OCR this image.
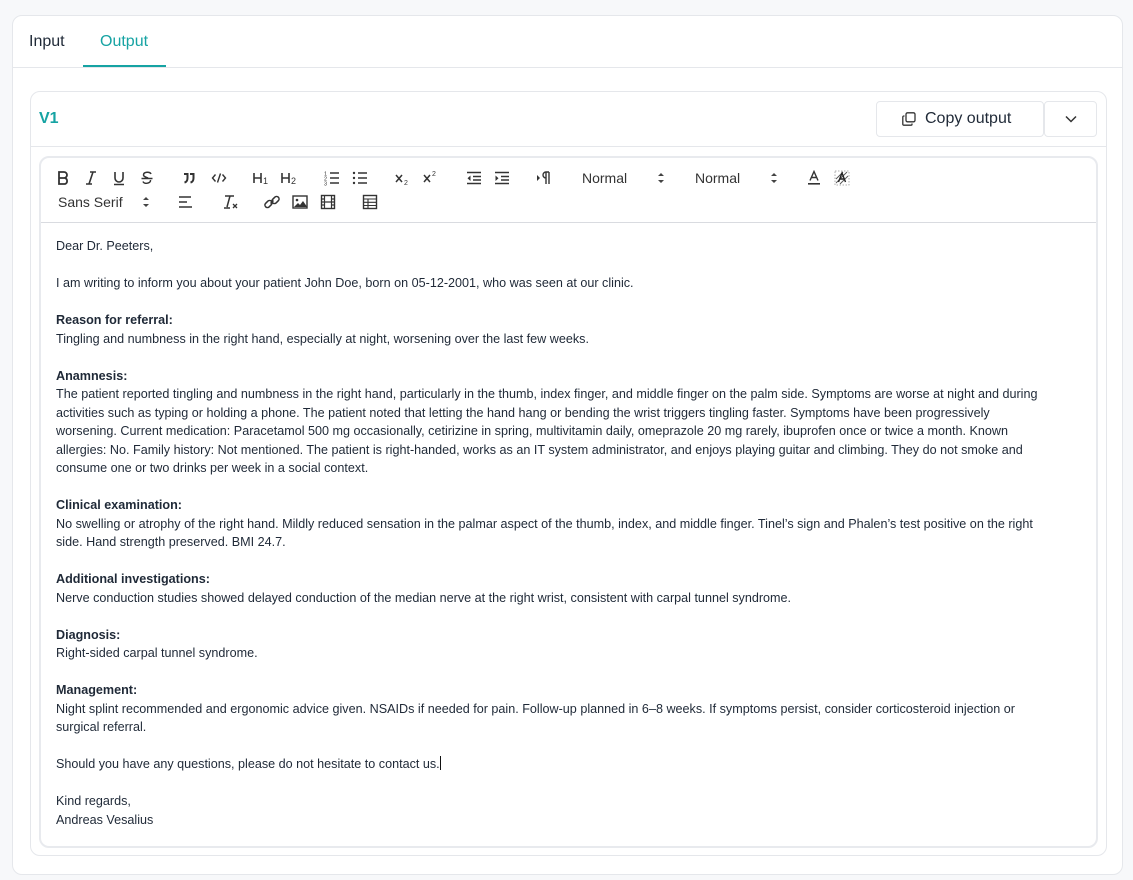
Input Output
V1	Copy output
1	2
1
2
3	2
2	Normal	Normal
Sans Serif

Dear Dr. Peeters,

I am writing to inform you about your patient John Doe, born on 05-12-2001, who was seen at our clinic.

Reason for referral:

Tingling and numbness in the right hand, especially at night, worsening over the last few weeks.

Anamnesis:

The patient reported tingling and numbness in the right hand, particularly in the thumb, index finger, and middle finger on the palm side. Symptoms are worse at night and during

activities such as typing or holding a phone. The patient noted that letting the hand hang or bending the wrist triggers tingling faster. Symptoms have been progressively

worsening. Current medication: Paracetamol 500 mg occasionally, cetirizine in spring, multivitamin daily, omeprazole 20 mg rarely, ibuprofen once or twice a month. Known

allergies: No. Family history: Not mentioned. The patient is right-handed, works as an IT system administrator, and enjoys playing guitar and climbing. They do not smoke and

consume one or two drinks per week in a social context.

Clinical examination:

No swelling or atrophy of the right hand. Mildly reduced sensation in the palmar aspect of the thumb, index, and middle finger. Tinel’s sign and Phalen’s test positive on the right

side. Hand strength preserved. BMI 24.7.

Additional investigations:

Nerve conduction studies showed delayed conduction of the median nerve at the right wrist, consistent with carpal tunnel syndrome.

Diagnosis:

Right-sided carpal tunnel syndrome.

Management:

Night splint recommended and ergonomic advice given. NSAIDs if needed for pain. Follow-up planned in 6–8 weeks. If symptoms persist, consider corticosteroid injection or

surgical referral.

Should you have any questions, please do not hesitate to contact us.

Kind regards,

Andreas Vesalius
